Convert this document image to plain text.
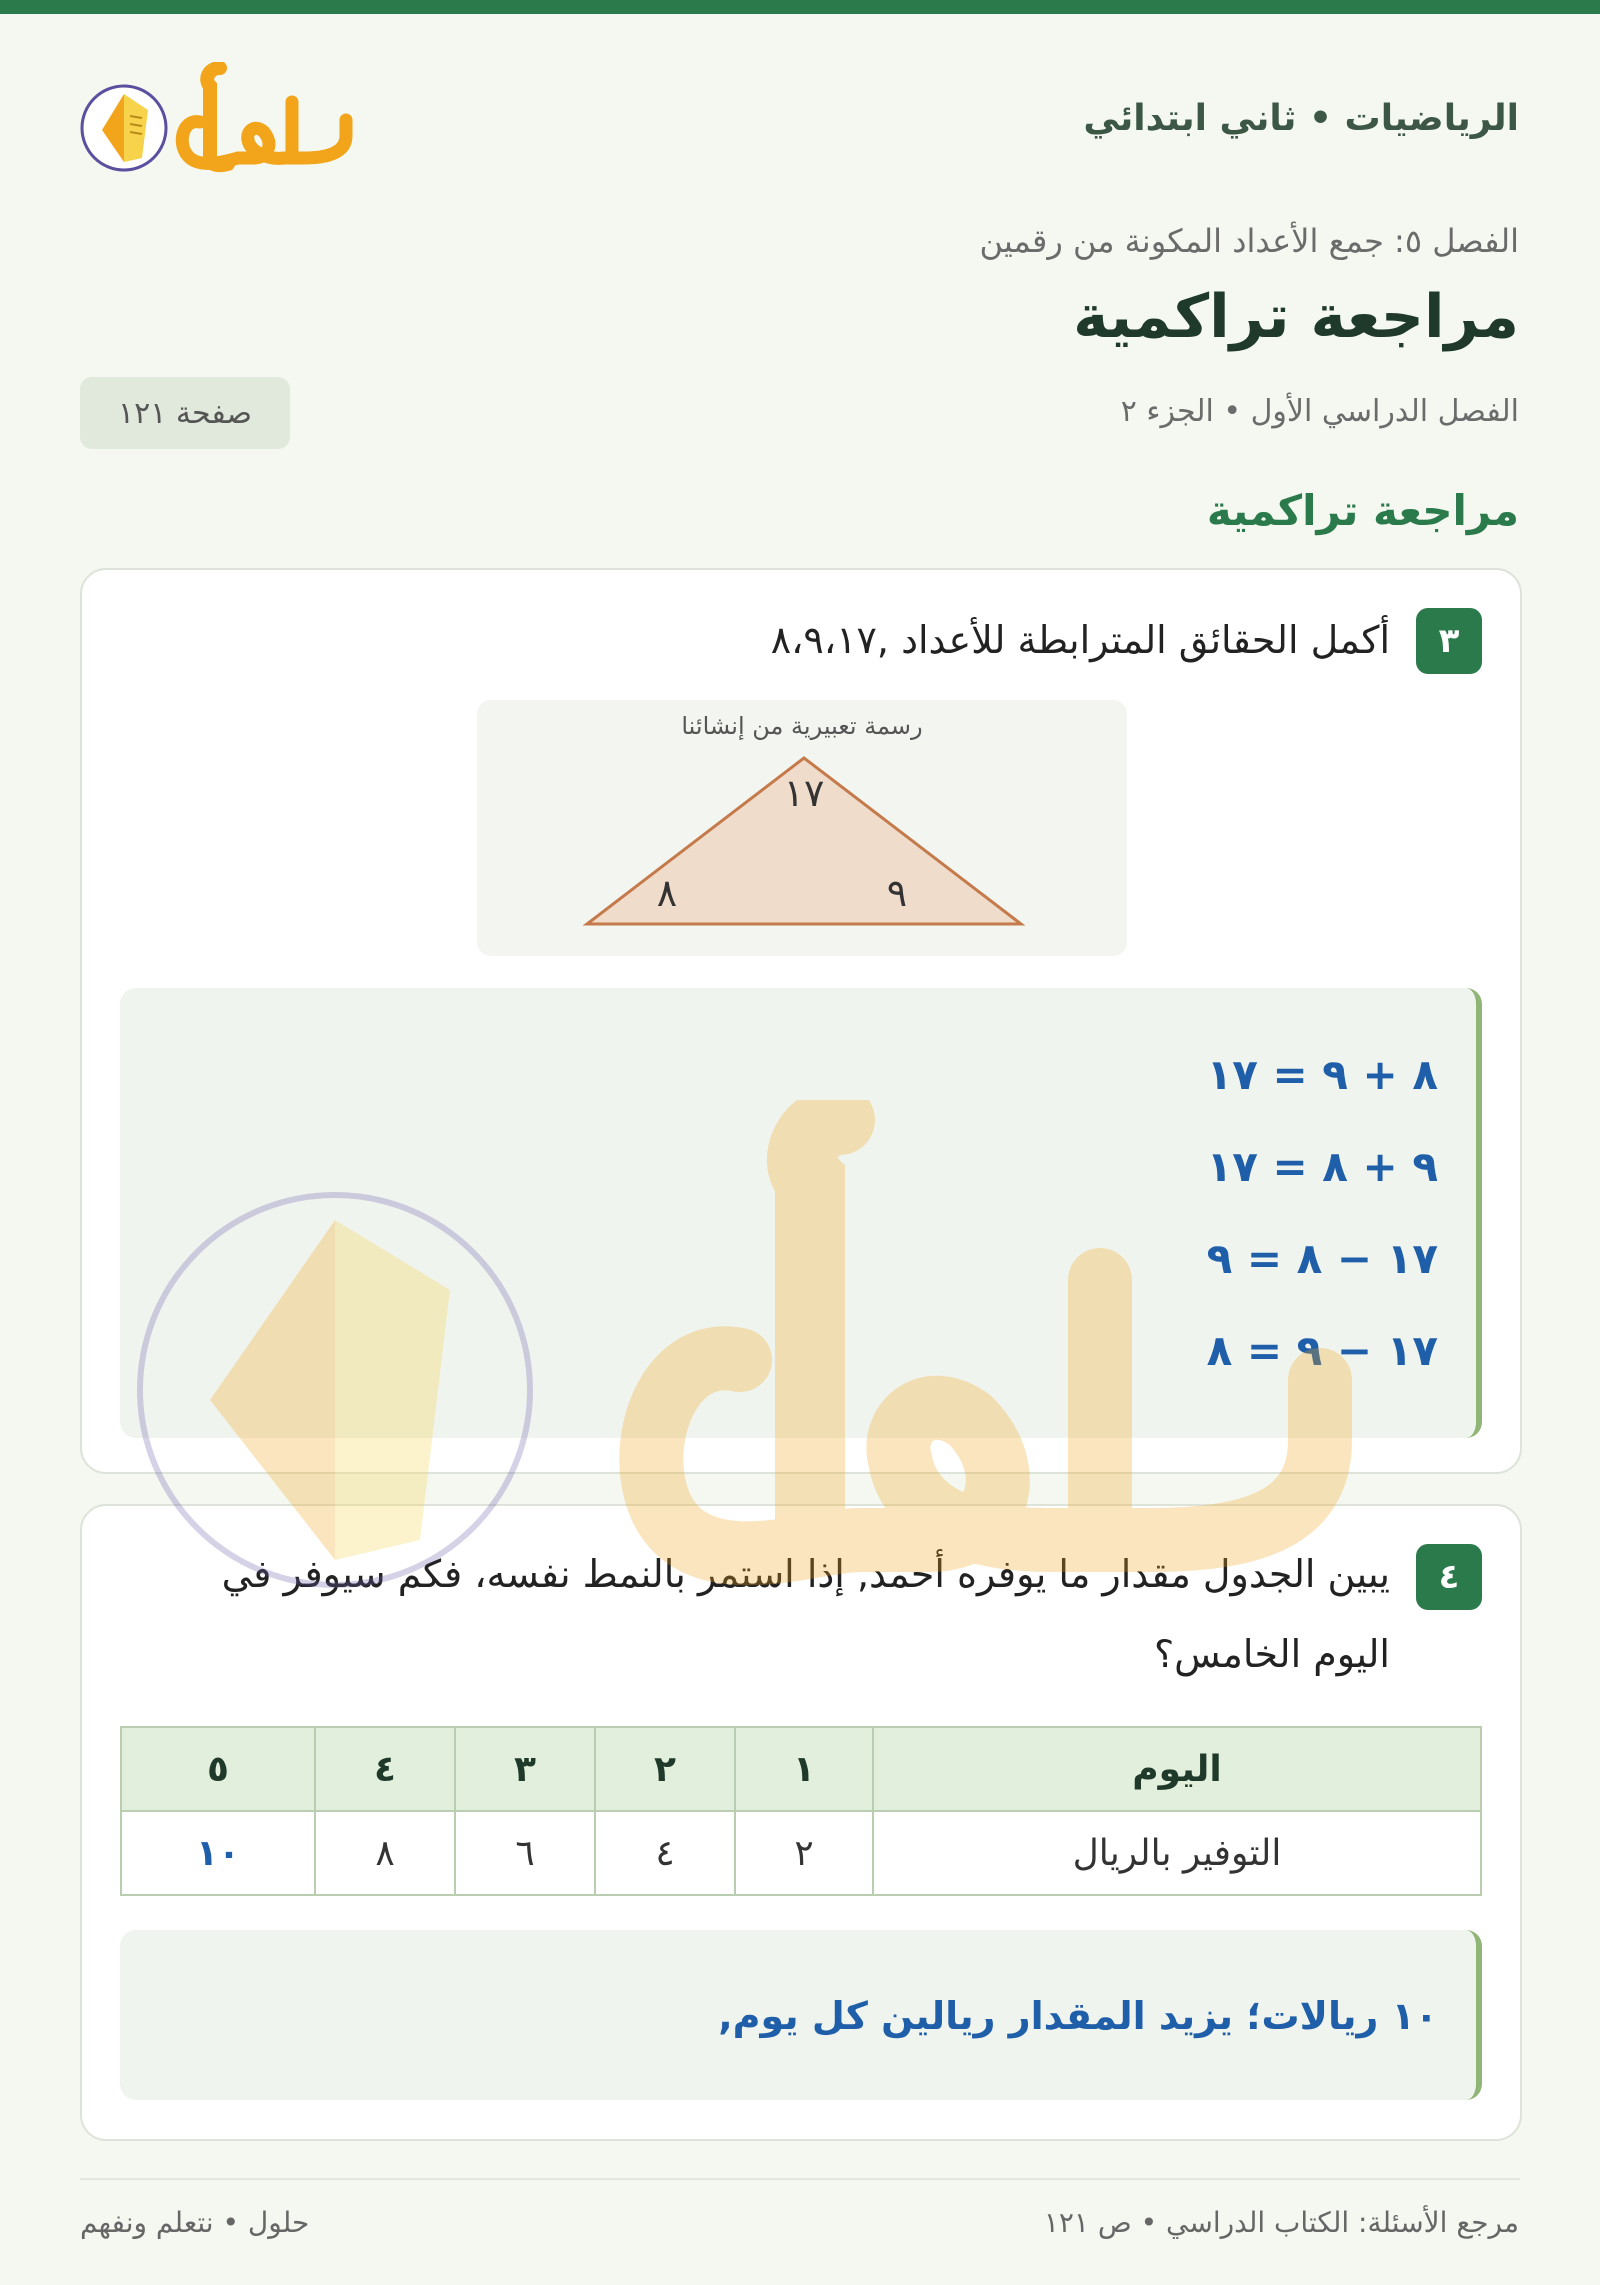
الرياضيات • ثاني ابتدائي
الفصل ٥: جمع الأعداد المكونة من رقمين
مراجعة تراكمية
الفصل الدراسي الأول • الجزء ٢
صفحة ١٢١
مراجعة تراكمية
٣
أكمل الحقائق المترابطة للأعداد ,٨،٩،١٧
رسمة تعبيرية من إنشائنا
١٧
٨	٩
٨ + ٩ = ١٧
٩ + ٨ = ١٧
١٧ − ٨ = ٩
١٧ − ٩ = ٨
٤
يبين الجدول مقدار ما يوفره أحمد, إذا استمر بالنمط نفسه، فكم سيوفر في
اليوم الخامس؟
اليوم	١	٢	٣	٤	٥
التوفير بالريال	٢	٤	٦	٨	١٠
١٠ ريالات؛ يزيد المقدار ريالين كل يوم,
مرجع الأسئلة: الكتاب الدراسي • ص ١٢١
حلول • نتعلم ونفهم
